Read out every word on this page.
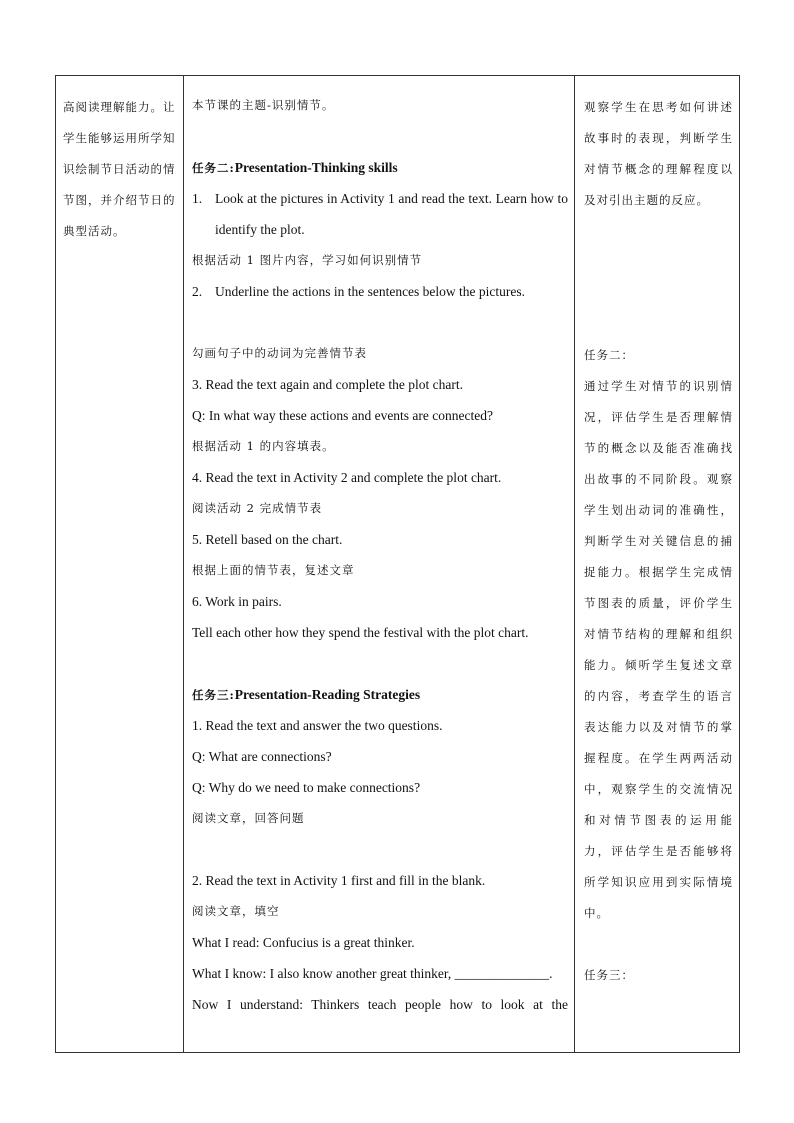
高阅读理解能力。让学生能够运用所学知识绘制节日活动的情节图，并介绍节日的典型活动。

本节课的主题-识别情节。
任务二:Presentation-Thinking skills
1. Look at the pictures in Activity 1 and read the text. Learn how to identify the plot.
根据活动 1 图片内容，学习如何识别情节
2. Underline the actions in the sentences below the pictures.
勾画句子中的动词为完善情节表
3. Read the text again and complete the plot chart.
Q: In what way these actions and events are connected?
根据活动 1 的内容填表。
4. Read the text in Activity 2 and complete the plot chart.
阅读活动 2 完成情节表
5. Retell based on the chart.
根据上面的情节表，复述文章
6. Work in pairs.
Tell each other how they spend the festival with the plot chart.
任务三:Presentation-Reading Strategies
1. Read the text and answer the two questions.
Q: What are connections?
Q: Why do we need to make connections?
阅读文章，回答问题
2. Read the text in Activity 1 first and fill in the blank.
阅读文章，填空
What I read: Confucius is a great thinker.
What I know: I also know another great thinker, ______________.
Now I understand: Thinkers teach people how to look at the

观察学生在思考如何讲述故事时的表现，判断学生对情节概念的理解程度以及对引出主题的反应。
任务二：
通过学生对情节的识别情况，评估学生是否理解情节的概念以及能否准确找出故事的不同阶段。观察学生划出动词的准确性，判断学生对关键信息的捕捉能力。根据学生完成情节图表的质量，评价学生对情节结构的理解和组织能力。倾听学生复述文章的内容，考查学生的语言表达能力以及对情节的掌握程度。在学生两两活动中，观察学生的交流情况和对情节图表的运用能力，评估学生是否能够将所学知识应用到实际情境中。
任务三：
